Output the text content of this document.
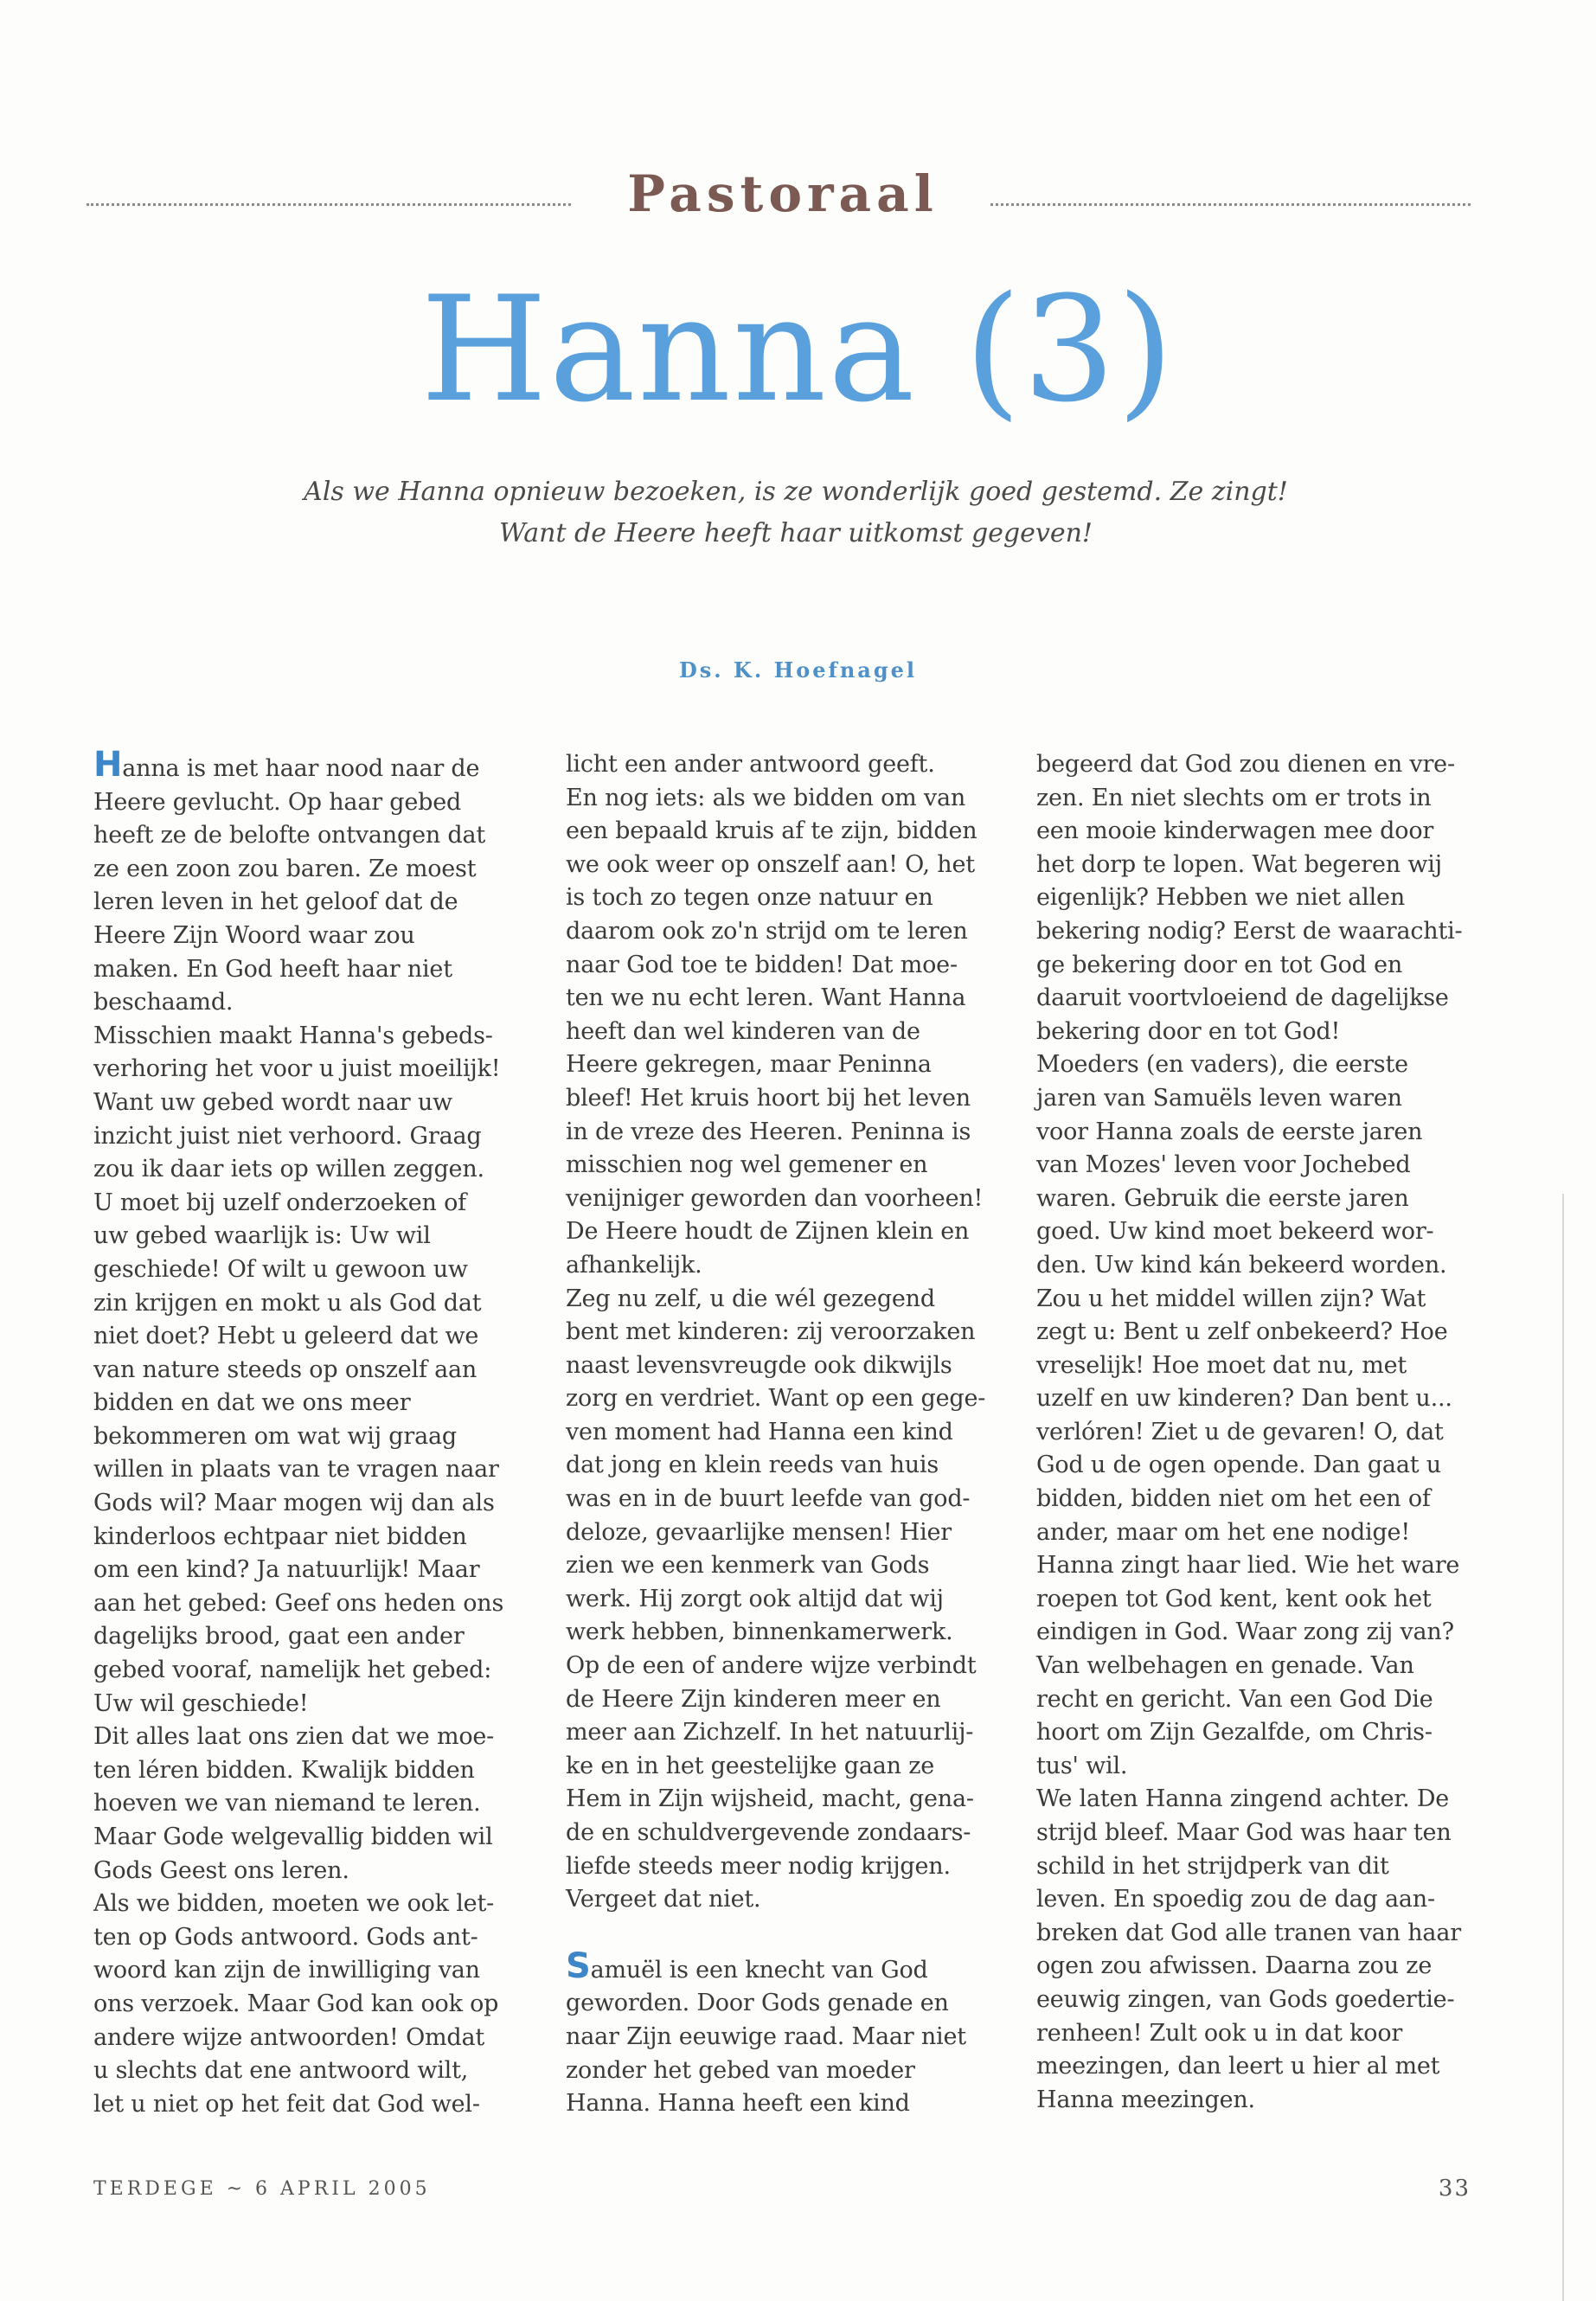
Pastoraal
Hanna (3)
Als we Hanna opnieuw bezoeken, is ze wonderlijk goed gestemd. Ze zingt!
Want de Heere heeft haar uitkomst gegeven!
Ds. K. Hoefnagel

Hanna is met haar nood naar de

Heere gevlucht. Op haar gebed

heeft ze de belofte ontvangen dat

ze een zoon zou baren. Ze moest

leren leven in het geloof dat de

Heere Zijn Woord waar zou

maken. En God heeft haar niet

beschaamd.

Misschien maakt Hanna's gebeds-

verhoring het voor u juist moeilijk!

Want uw gebed wordt naar uw

inzicht juist niet verhoord. Graag

zou ik daar iets op willen zeggen.

U moet bij uzelf onderzoeken of

uw gebed waarlijk is: Uw wil

geschiede! Of wilt u gewoon uw

zin krijgen en mokt u als God dat

niet doet? Hebt u geleerd dat we

van nature steeds op onszelf aan

bidden en dat we ons meer

bekommeren om wat wij graag

willen in plaats van te vragen naar

Gods wil? Maar mogen wij dan als

kinderloos echtpaar niet bidden

om een kind? Ja natuurlijk! Maar

aan het gebed: Geef ons heden ons

dagelijks brood, gaat een ander

gebed vooraf, namelijk het gebed:

Uw wil geschiede!

Dit alles laat ons zien dat we moe-

ten léren bidden. Kwalijk bidden

hoeven we van niemand te leren.

Maar Gode welgevallig bidden wil

Gods Geest ons leren.

Als we bidden, moeten we ook let-

ten op Gods antwoord. Gods ant-

woord kan zijn de inwilliging van

ons verzoek. Maar God kan ook op

andere wijze antwoorden! Omdat

u slechts dat ene antwoord wilt,

let u niet op het feit dat God wel-

licht een ander antwoord geeft.

En nog iets: als we bidden om van

een bepaald kruis af te zijn, bidden

we ook weer op onszelf aan! O, het

is toch zo tegen onze natuur en

daarom ook zo'n strijd om te leren

naar God toe te bidden! Dat moe-

ten we nu echt leren. Want Hanna

heeft dan wel kinderen van de

Heere gekregen, maar Peninna

bleef! Het kruis hoort bij het leven

in de vreze des Heeren. Peninna is

misschien nog wel gemener en

venijniger geworden dan voorheen!

De Heere houdt de Zijnen klein en

afhankelijk.

Zeg nu zelf, u die wél gezegend

bent met kinderen: zij veroorzaken

naast levensvreugde ook dikwijls

zorg en verdriet. Want op een gege-

ven moment had Hanna een kind

dat jong en klein reeds van huis

was en in de buurt leefde van god-

deloze, gevaarlijke mensen! Hier

zien we een kenmerk van Gods

werk. Hij zorgt ook altijd dat wij

werk hebben, binnenkamerwerk.

Op de een of andere wijze verbindt

de Heere Zijn kinderen meer en

meer aan Zichzelf. In het natuurlij-

ke en in het geestelijke gaan ze

Hem in Zijn wijsheid, macht, gena-

de en schuldvergevende zondaars-

liefde steeds meer nodig krijgen.

Vergeet dat niet.

Samuël is een knecht van God

geworden. Door Gods genade en

naar Zijn eeuwige raad. Maar niet

zonder het gebed van moeder

Hanna. Hanna heeft een kind

begeerd dat God zou dienen en vre-

zen. En niet slechts om er trots in

een mooie kinderwagen mee door

het dorp te lopen. Wat begeren wij

eigenlijk? Hebben we niet allen

bekering nodig? Eerst de waarachti-

ge bekering door en tot God en

daaruit voortvloeiend de dagelijkse

bekering door en tot God!

Moeders (en vaders), die eerste

jaren van Samuëls leven waren

voor Hanna zoals de eerste jaren

van Mozes' leven voor Jochebed

waren. Gebruik die eerste jaren

goed. Uw kind moet bekeerd wor-

den. Uw kind kán bekeerd worden.

Zou u het middel willen zijn? Wat

zegt u: Bent u zelf onbekeerd? Hoe

vreselijk! Hoe moet dat nu, met

uzelf en uw kinderen? Dan bent u...

verlóren! Ziet u de gevaren! O, dat

God u de ogen opende. Dan gaat u

bidden, bidden niet om het een of

ander, maar om het ene nodige!

Hanna zingt haar lied. Wie het ware

roepen tot God kent, kent ook het

eindigen in God. Waar zong zij van?

Van welbehagen en genade. Van

recht en gericht. Van een God Die

hoort om Zijn Gezalfde, om Chris-

tus' wil.

We laten Hanna zingend achter. De

strijd bleef. Maar God was haar ten

schild in het strijdperk van dit

leven. En spoedig zou de dag aan-

breken dat God alle tranen van haar

ogen zou afwissen. Daarna zou ze

eeuwig zingen, van Gods goedertie-

renheen! Zult ook u in dat koor

meezingen, dan leert u hier al met

Hanna meezingen.

TERDEGE ~ 6 APRIL 2005	33
